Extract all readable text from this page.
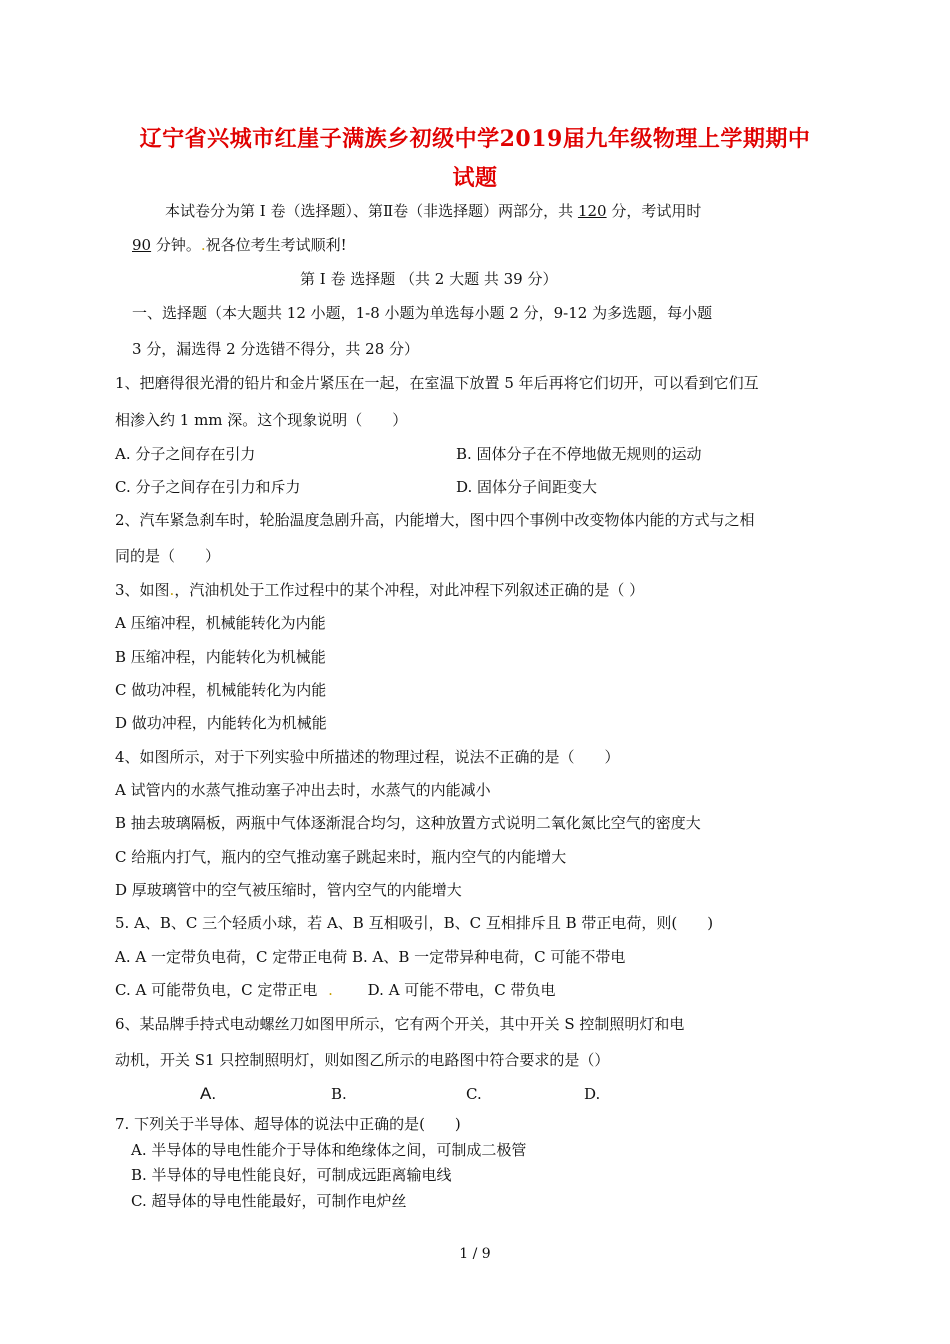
辽宁省兴城市红崖子满族乡初级中学2019届九年级物理上学期期中
试题
本试卷分为第 I 卷（选择题）、第Ⅱ卷（非选择题）两部分，共 120 分，考试用时
90 分钟。.祝各位考生考试顺利!
第 Ⅰ 卷 选择题 （共 2 大题 共 39 分）
一、选择题（本大题共 12 小题，1-8 小题为单选每小题 2 分，9-12 为多选题，每小题
3 分，漏选得 2 分选错不得分，共 28 分）
1、把磨得很光滑的铅片和金片紧压在一起，在室温下放置 5 年后再将它们切开，可以看到它们互
相渗入约 1 mm 深。这个现象说明（　　）
A. 分子之间存在引力	B. 固体分子在不停地做无规则的运动
C. 分子之间存在引力和斥力	D. 固体分子间距变大
2、汽车紧急刹车时，轮胎温度急剧升高，内能增大，图中四个事例中改变物体内能的方式与之相
同的是（　　）
3、如图.，汽油机处于工作过程中的某个冲程，对此冲程下列叙述正确的是（ ）
A 压缩冲程，机械能转化为内能
B 压缩冲程，内能转化为机械能
C 做功冲程，机械能转化为内能
D 做功冲程，内能转化为机械能
4、如图所示，对于下列实验中所描述的物理过程，说法不正确的是（　　）
A 试管内的水蒸气推动塞子冲出去时，水蒸气的内能减小
B 抽去玻璃隔板，两瓶中气体逐渐混合均匀，这种放置方式说明二氧化氮比空气的密度大
C 给瓶内打气，瓶内的空气推动塞子跳起来时，瓶内空气的内能增大
D 厚玻璃管中的空气被压缩时，管内空气的内能增大
5. A、B、C 三个轻质小球，若 A、B 互相吸引，B、C 互相排斥且 B 带正电荷，则(　　)
A. A 一定带负电荷，C 定带正电荷 B. A、B 一定带异种电荷，C 可能不带电
C. A 可能带负电，C 定带正电 . D. A 可能不带电，C 带负电
6、某品牌手持式电动螺丝刀如图甲所示，它有两个开关，其中开关 S 控制照明灯和电
动机，开关 S1 只控制照明灯，则如图乙所示的电路图中符合要求的是（）
A.	B.	C.	D.
7. 下列关于半导体、超导体的说法中正确的是(　　)
A. 半导体的导电性能介于导体和绝缘体之间，可制成二极管
B. 半导体的导电性能良好，可制成远距离输电线
C. 超导体的导电性能最好，可制作电炉丝
1 / 9
